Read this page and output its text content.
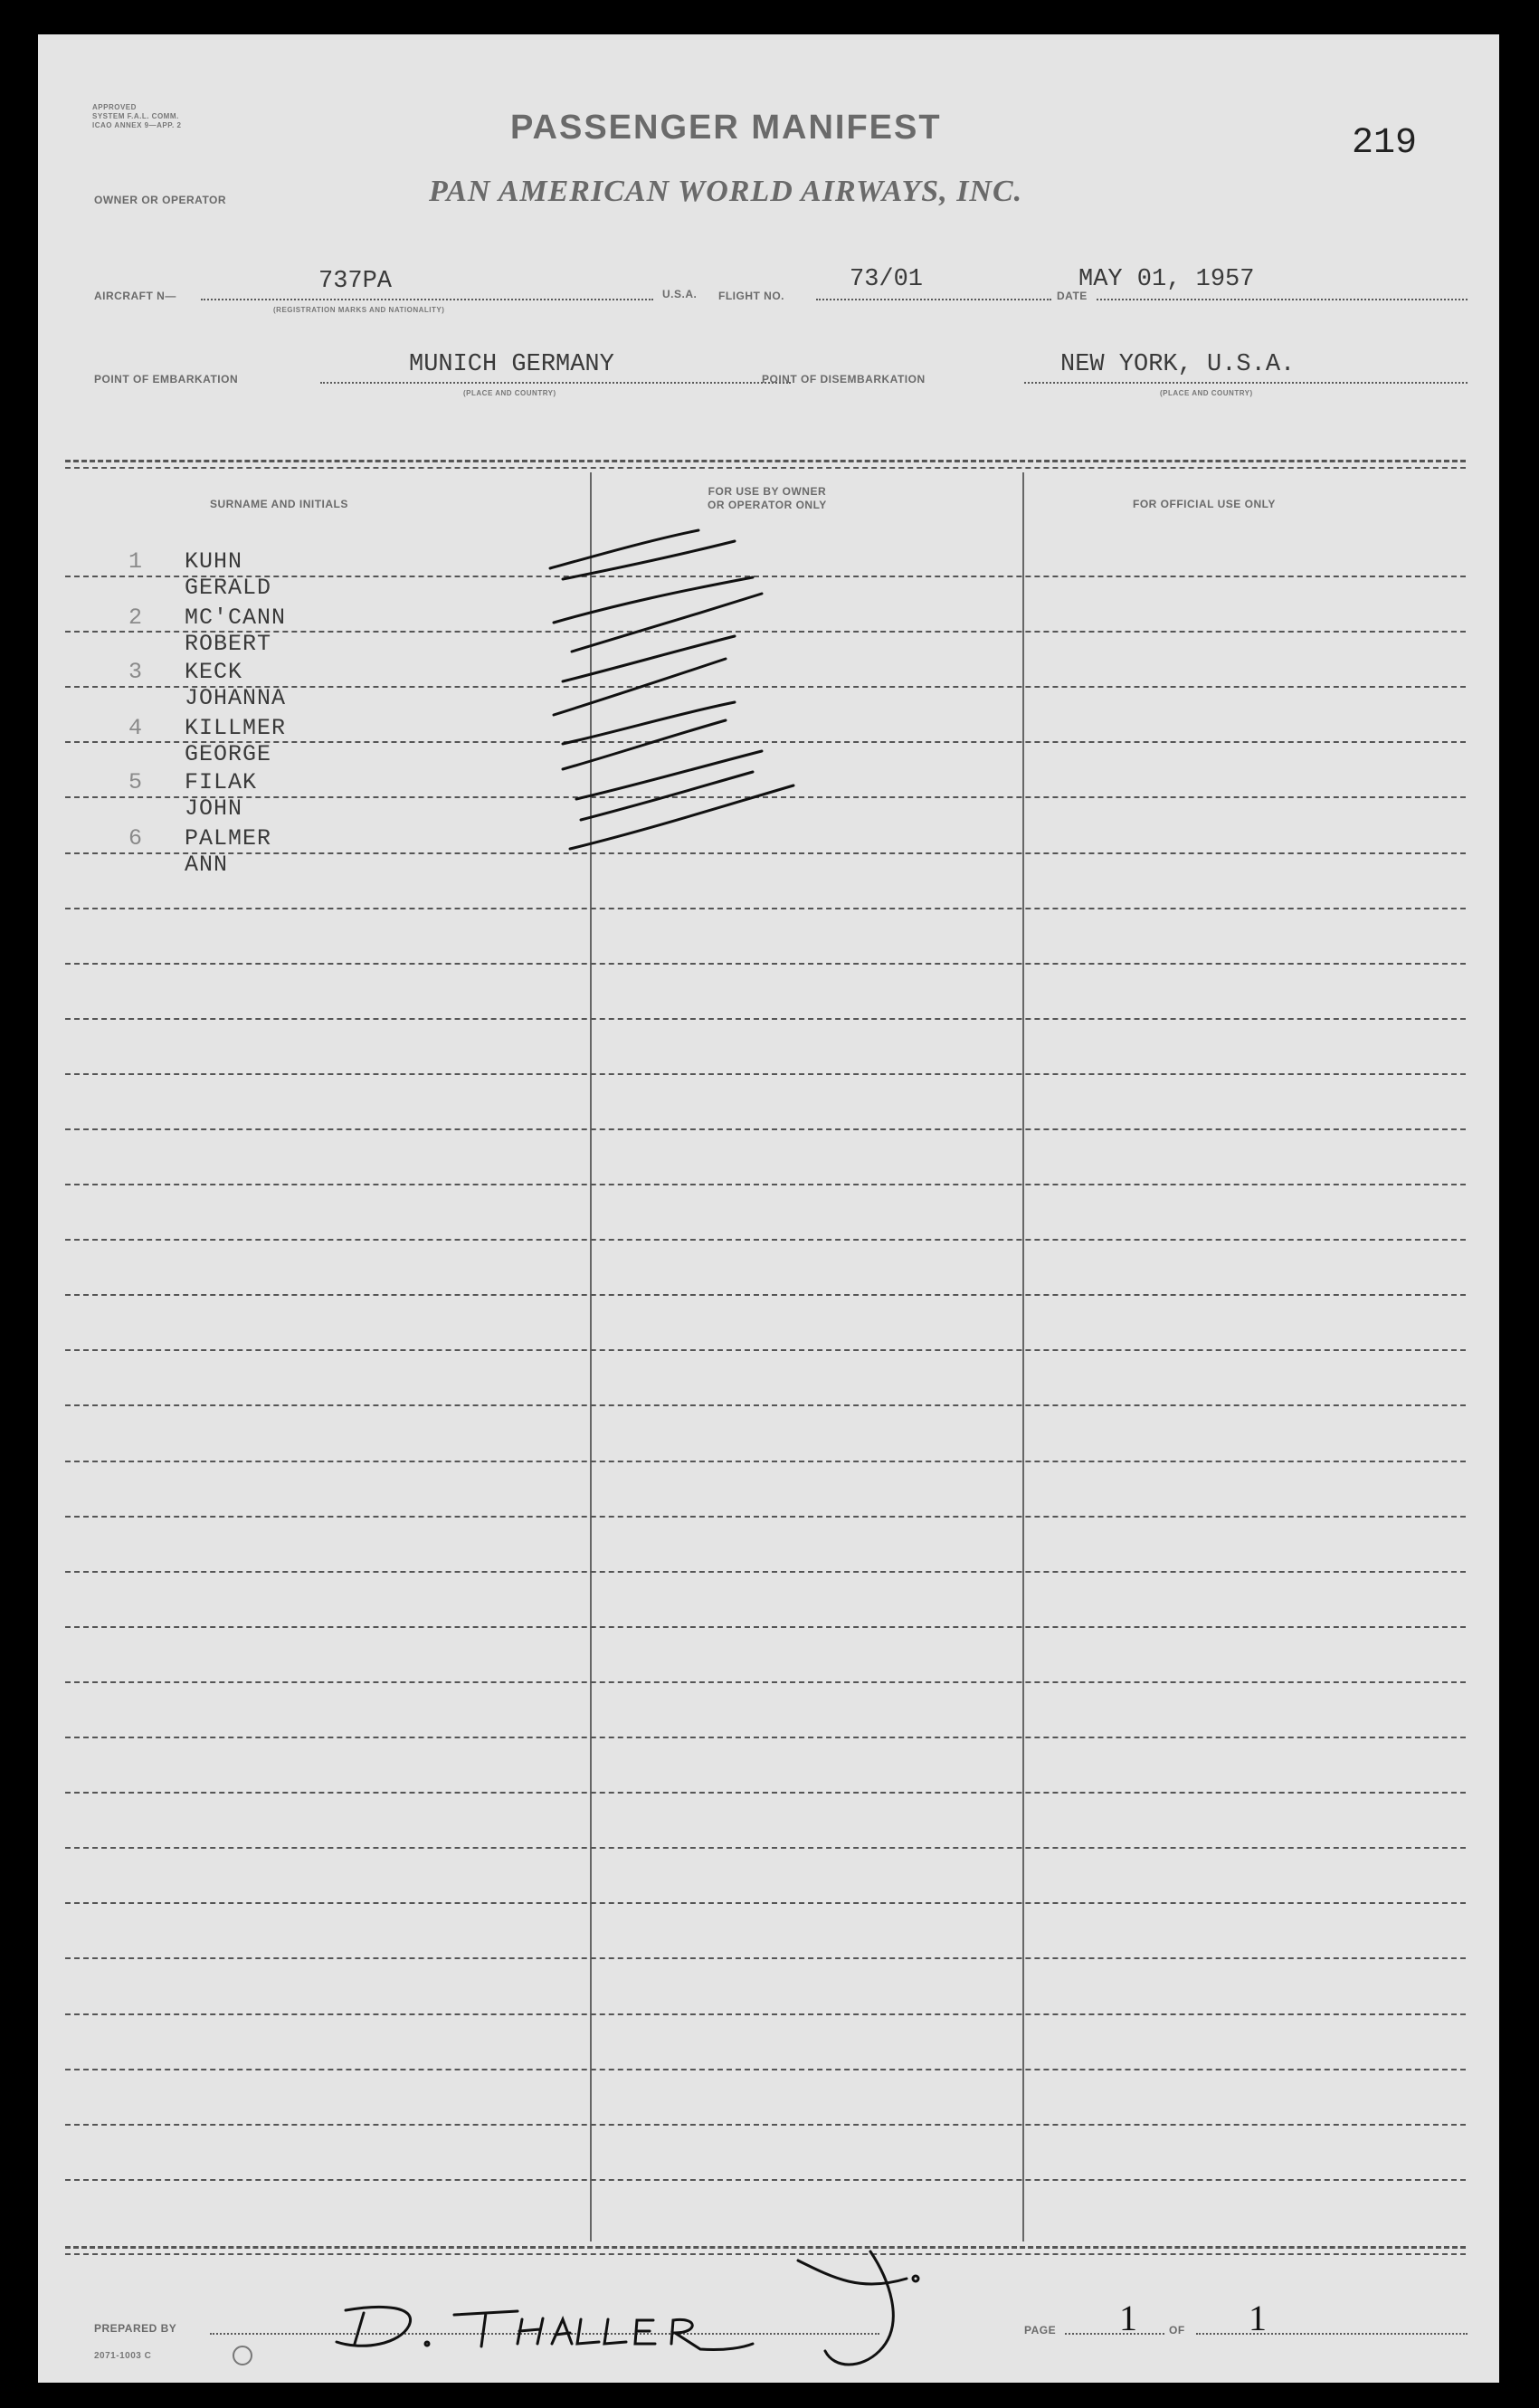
APPROVED
SYSTEM F.A.L. COMM.
ICAO ANNEX 9—APP. 2	PASSENGER MANIFEST	219
OWNER OR OPERATOR	PAN AMERICAN WORLD AIRWAYS, INC.
AIRCRAFT N—
737PA
(REGISTRATION MARKS AND NATIONALITY)
U.S.A. FLIGHT NO.
73/01
DATE
MAY 01, 1957
POINT OF EMBARKATION
MUNICH GERMANY
(PLACE AND COUNTRY)
POINT OF DISEMBARKATION
NEW YORK, U.S.A.
(PLACE AND COUNTRY)
SURNAME AND INITIALS
FOR USE BY OWNER
OR OPERATOR ONLY	FOR OFFICIAL USE ONLY
1 KUHN GERALD
2 MC'CANN ROBERT
3 KECK JOHANNA
4 KILLMER GEORGE
5 FILAK JOHN
6 PALMER ANN
PREPARED BY	PAGE 1	OF 1
2071-1003 C
